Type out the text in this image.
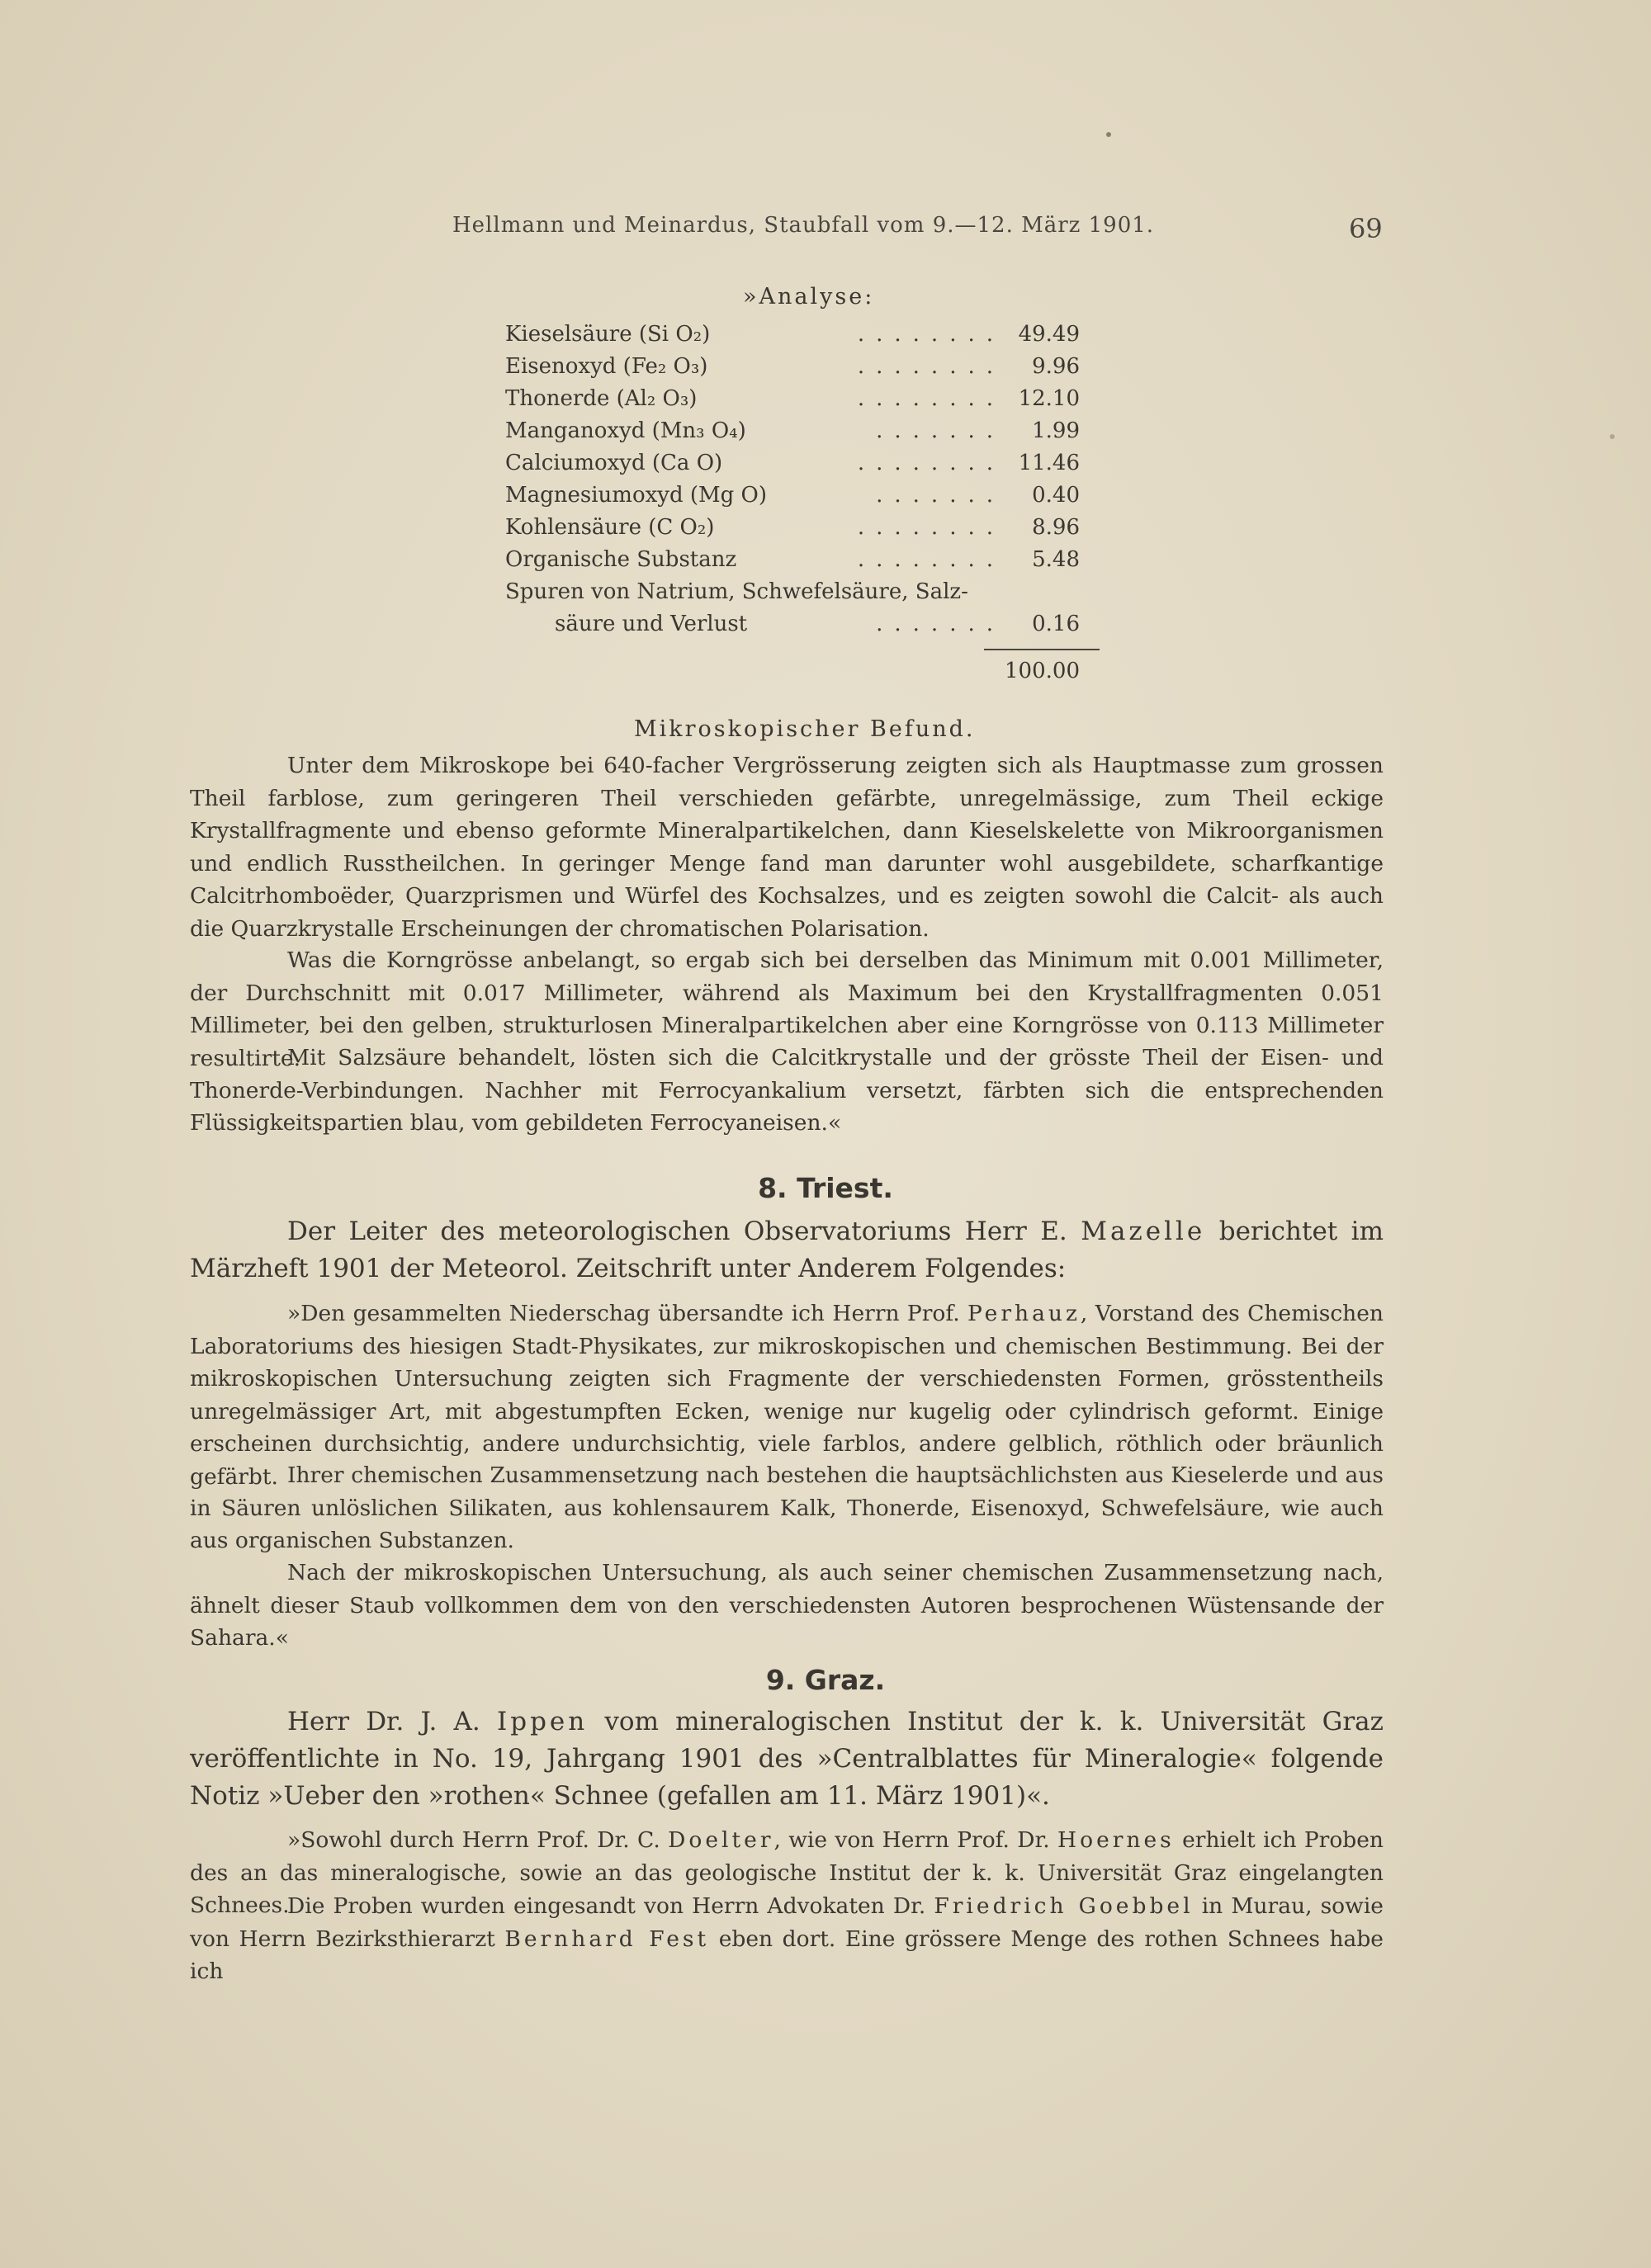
Hellmann und Meinardus, Staubfall vom 9.—12. März 1901.	69
»Analyse:
Kieselsäure (Si O₂)	........ 49.49
Eisenoxyd (Fe₂ O₃)	........ 9.96
Thonerde (Al₂ O₃)	........ 12.10
Manganoxyd (Mn₃ O₄)	....... 1.99
Calciumoxyd (Ca O)	........ 11.46
Magnesiumoxyd (Mg O)	....... 0.40
Kohlensäure (C O₂)	........ 8.96
Organische Substanz	........ 5.48
Spuren von Natrium, Schwefelsäure, Salz-
säure und Verlust	....... 0.16
100.00
Mikroskopischer Befund.

Unter dem Mikroskope bei 640-facher Vergrösserung zeigten sich als Hauptmasse zum grossen Theil farblose, zum geringeren Theil verschieden gefärbte, unregelmässige, zum Theil eckige Krystallfragmente und ebenso geformte Mineralpartikelchen, dann Kieselskelette von Mikroorganismen und endlich Russtheilchen. In geringer Menge fand man darunter wohl ausgebildete, scharfkantige Calcitrhomboëder, Quarzprismen und Würfel des Kochsalzes, und es zeigten sowohl die Calcit- als auch die Quarzkrystalle Erscheinungen der chromatischen Polarisation.

Was die Korngrösse anbelangt, so ergab sich bei derselben das Minimum mit 0.001 Millimeter, der Durchschnitt mit 0.017 Millimeter, während als Maximum bei den Krystallfragmenten 0.051 Millimeter, bei den gelben, strukturlosen Mineralpartikelchen aber eine Korngrösse von 0.113 Millimeter resultirte.

Mit Salzsäure behandelt, lösten sich die Calcitkrystalle und der grösste Theil der Eisen- und Thonerde-Verbindungen. Nachher mit Ferrocyankalium versetzt, färbten sich die entsprechenden Flüssigkeitspartien blau, vom gebildeten Ferrocyaneisen.«

8. Triest.

Der Leiter des meteorologischen Observatoriums Herr E. Mazelle berichtet im Märzheft 1901 der Meteorol. Zeitschrift unter Anderem Folgendes:

»Den gesammelten Niederschag übersandte ich Herrn Prof. Perhauz, Vorstand des Chemischen Laboratoriums des hiesigen Stadt-Physikates, zur mikroskopischen und chemischen Bestimmung. Bei der mikroskopischen Untersuchung zeigten sich Fragmente der verschiedensten Formen, grösstentheils unregelmässiger Art, mit abgestumpften Ecken, wenige nur kugelig oder cylindrisch geformt. Einige erscheinen durchsichtig, andere undurchsichtig, viele farblos, andere gelblich, röthlich oder bräunlich gefärbt. Ihrer chemischen Zusammensetzung nach bestehen die hauptsächlichsten aus Kieselerde und aus in Säuren unlöslichen Silikaten, aus kohlensaurem Kalk, Thonerde, Eisenoxyd, Schwefelsäure, wie auch aus organischen Substanzen.

Nach der mikroskopischen Untersuchung, als auch seiner chemischen Zusammensetzung nach, ähnelt dieser Staub vollkommen dem von den verschiedensten Autoren besprochenen Wüstensande der Sahara.«

9. Graz.

Herr Dr. J. A. Ippen vom mineralogischen Institut der k. k. Universität Graz veröffentlichte in No. 19, Jahrgang 1901 des »Centralblattes für Mineralogie« folgende Notiz »Ueber den »rothen« Schnee (gefallen am 11. März 1901)«.

»Sowohl durch Herrn Prof. Dr. C. Doelter, wie von Herrn Prof. Dr. Hoernes erhielt ich Proben des an das mineralogische, sowie an das geologische Institut der k. k. Universität Graz eingelangten Schnees.

Die Proben wurden eingesandt von Herrn Advokaten Dr. Friedrich Goebbel in Murau, sowie von Herrn Bezirksthierarzt Bernhard Fest eben dort. Eine grössere Menge des rothen Schnees habe ich
